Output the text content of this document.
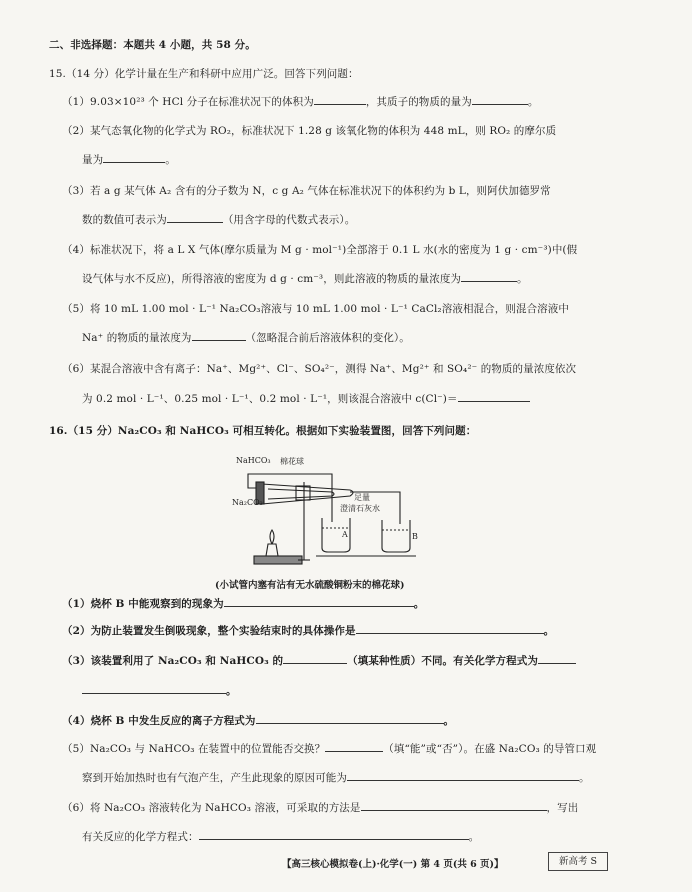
二、非选择题：本题共 4 小题，共 58 分。
15.（14 分）化学计量在生产和科研中应用广泛。回答下列问题：
（1）9.03×10²³ 个 HCl 分子在标准状况下的体积为	，其质子的物质的量为	。
（2）某气态氧化物的化学式为 RO₂，标准状况下 1.28 g 该氧化物的体积为 448 mL，则 RO₂ 的摩尔质
量为	。
（3）若 a g 某气体 A₂ 含有的分子数为 N，c g A₂ 气体在标准状况下的体积约为 b L，则阿伏加德罗常
数的数值可表示为	（用含字母的代数式表示）。
（4）标准状况下，将 a L X 气体(摩尔质量为 M g · mol⁻¹)全部溶于 0.1 L 水(水的密度为 1 g · cm⁻³)中(假
设气体与水不反应)，所得溶液的密度为 d g · cm⁻³，则此溶液的物质的量浓度为	。
（5）将 10 mL 1.00 mol · L⁻¹ Na₂CO₃溶液与 10 mL 1.00 mol · L⁻¹ CaCl₂溶液相混合，则混合溶液中
Na⁺ 的物质的量浓度为	（忽略混合前后溶液体积的变化）。
（6）某混合溶液中含有离子：Na⁺、Mg²⁺、Cl⁻、SO₄²⁻，测得 Na⁺、Mg²⁺ 和 SO₄²⁻ 的物质的量浓度依次
为 0.2 mol · L⁻¹、0.25 mol · L⁻¹、0.2 mol · L⁻¹，则该混合溶液中 c(Cl⁻)＝
16.（15 分）Na₂CO₃ 和 NaHCO₃ 可相互转化。根据如下实验装置图，回答下列问题：
NaHCO₃ 棉花球
Na₂CO₃
足量
澄清石灰水
A	B
(小试管内塞有沾有无水硫酸铜粉末的棉花球)
（1）烧杯 B 中能观察到的现象为	。
（2）为防止装置发生倒吸现象，整个实验结束时的具体操作是	。
（3）该装置利用了 Na₂CO₃ 和 NaHCO₃ 的	（填某种性质）不同。有关化学方程式为
。
（4）烧杯 B 中发生反应的离子方程式为	。
（5）Na₂CO₃ 与 NaHCO₃ 在装置中的位置能否交换？	（填“能”或“否”）。在盛 Na₂CO₃ 的导管口观
察到开始加热时也有气泡产生，产生此现象的原因可能为	。
（6）将 Na₂CO₃ 溶液转化为 NaHCO₃ 溶液，可采取的方法是	，写出
有关反应的化学方程式：	。
【高三核心模拟卷(上)·化学(一) 第 4 页(共 6 页)】	新高考 S
